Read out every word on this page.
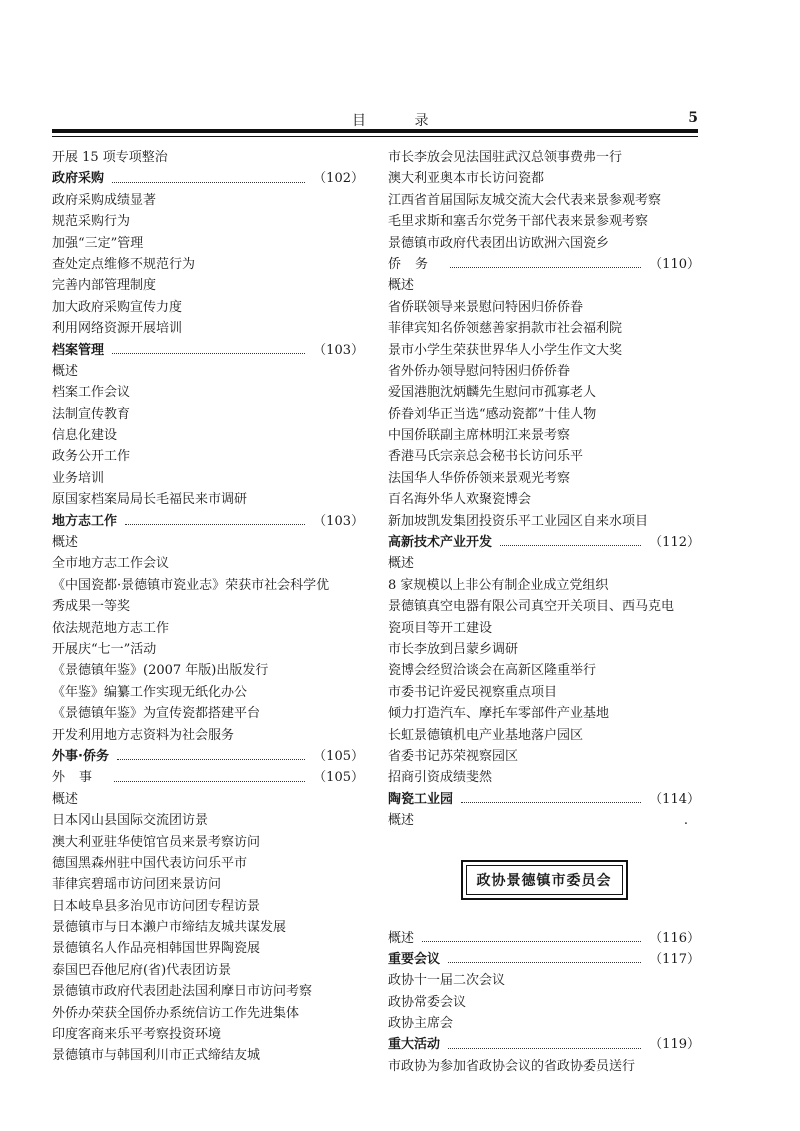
目 录	5
开展 15 项专项整治
政府采购	（102）
政府采购成绩显著
规范采购行为
加强“三定”管理
查处定点维修不规范行为
完善内部管理制度
加大政府采购宣传力度
利用网络资源开展培训
档案管理	（103）
概述
档案工作会议
法制宣传教育
信息化建设
政务公开工作
业务培训
原国家档案局局长毛福民来市调研
地方志工作	（103）
概述
全市地方志工作会议
《中国瓷都·景德镇市瓷业志》荣获市社会科学优
秀成果一等奖
依法规范地方志工作
开展庆“七一”活动
《景德镇年鉴》(2007 年版)出版发行
《年鉴》编纂工作实现无纸化办公
《景德镇年鉴》为宣传瓷都搭建平台
开发利用地方志资料为社会服务
外事·侨务	（105）
外事	（105）
概述
日本冈山县国际交流团访景
澳大利亚驻华使馆官员来景考察访问
德国黑森州驻中国代表访问乐平市
菲律宾碧瑶市访问团来景访问
日本岐阜县多治见市访问团专程访景
景德镇市与日本濑户市缔结友城共谋发展
景德镇名人作品亮相韩国世界陶瓷展
泰国巴吞他尼府(省)代表团访景
景德镇市政府代表团赴法国利摩日市访问考察
外侨办荣获全国侨办系统信访工作先进集体
印度客商来乐平考察投资环境
景德镇市与韩国利川市正式缔结友城
市长李放会见法国驻武汉总领事费弗一行
澳大利亚奥本市长访问瓷都
江西省首届国际友城交流大会代表来景参观考察
毛里求斯和塞舌尔党务干部代表来景参观考察
景德镇市政府代表团出访欧洲六国瓷乡
侨务	（110）
概述
省侨联领导来景慰问特困归侨侨眷
菲律宾知名侨领慈善家捐款市社会福利院
景市小学生荣获世界华人小学生作文大奖
省外侨办领导慰问特困归侨侨眷
爱国港胞沈炳麟先生慰问市孤寡老人
侨眷刘华正当选“感动瓷都”十佳人物
中国侨联副主席林明江来景考察
香港马氏宗亲总会秘书长访问乐平
法国华人华侨侨领来景观光考察
百名海外华人欢聚瓷博会
新加坡凯发集团投资乐平工业园区自来水项目
高新技术产业开发	（112）
概述
8 家规模以上非公有制企业成立党组织
景德镇真空电器有限公司真空开关项目、西马克电
瓷项目等开工建设
市长李放到吕蒙乡调研
瓷博会经贸洽谈会在高新区隆重举行
市委书记许爱民视察重点项目
倾力打造汽车、摩托车零部件产业基地
长虹景德镇机电产业基地落户园区
省委书记苏荣视察园区
招商引资成绩斐然
陶瓷工业园	（114）
概述	.
政协景德镇市委员会
概述	（116）
重要会议	（117）
政协十一届二次会议
政协常委会议
政协主席会
重大活动	（119）
市政协为参加省政协会议的省政协委员送行
